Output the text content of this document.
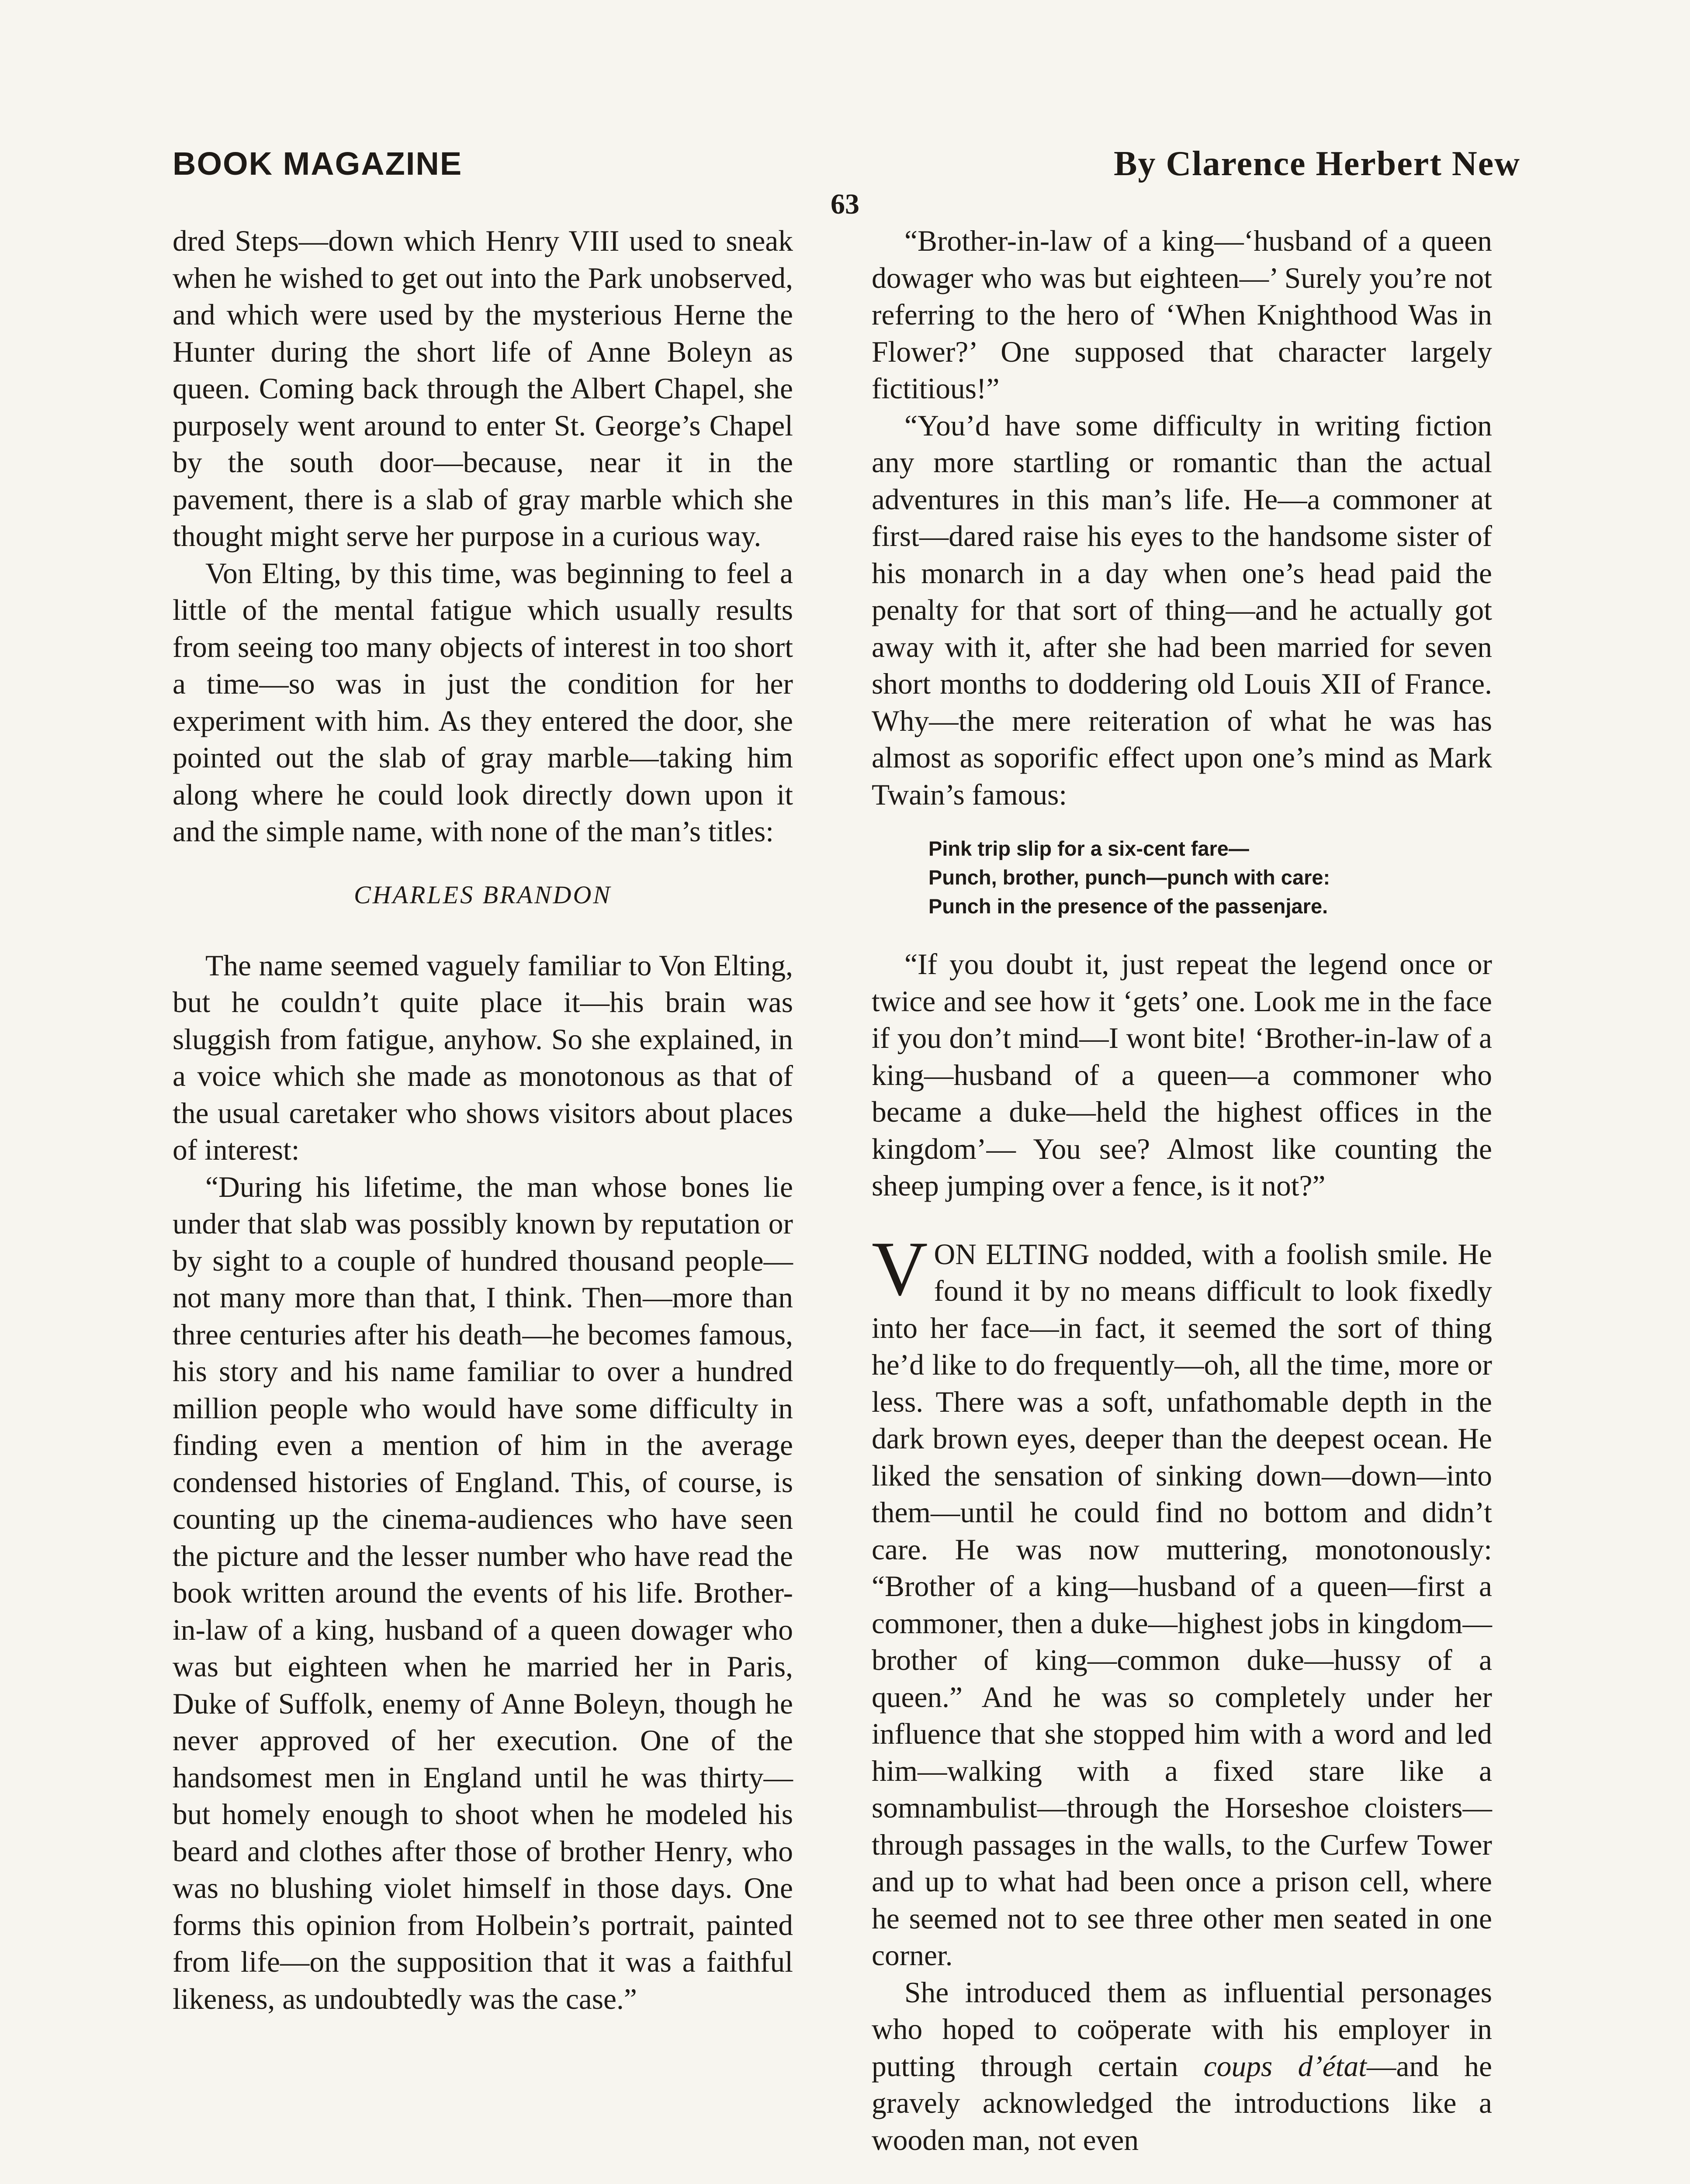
BOOK MAGAZINE	By Clarence Herbert New
63

dred Steps—down which Henry VIII used to sneak when he wished to get out into the Park unobserved, and which were used by the mysterious Herne the Hunter during the short life of Anne Boleyn as queen. Coming back through the Albert Chapel, she purposely went around to enter St. George’s Chapel by the south door—because, near it in the pavement, there is a slab of gray marble which she thought might serve her purpose in a curious way.

Von Elting, by this time, was beginning to feel a little of the mental fatigue which usually results from seeing too many objects of interest in too short a time—so was in just the condition for her experiment with him. As they entered the door, she pointed out the slab of gray marble—taking him along where he could look directly down upon it and the simple name, with none of the man’s titles:

CHARLES BRANDON

The name seemed vaguely familiar to Von Elting, but he couldn’t quite place it—his brain was sluggish from fatigue, anyhow. So she explained, in a voice which she made as monotonous as that of the usual caretaker who shows visitors about places of interest:

“During his lifetime, the man whose bones lie under that slab was possibly known by reputation or by sight to a couple of hundred thousand people—not many more than that, I think. Then—more than three centuries after his death—he becomes famous, his story and his name familiar to over a hundred million people who would have some difficulty in finding even a mention of him in the average condensed histories of England. This, of course, is counting up the cinema-audiences who have seen the picture and the lesser number who have read the book written around the events of his life. Brother-in-law of a king, husband of a queen dowager who was but eighteen when he married her in Paris, Duke of Suffolk, enemy of Anne Boleyn, though he never approved of her execution. One of the handsomest men in England until he was thirty—but homely enough to shoot when he modeled his beard and clothes after those of brother Henry, who was no blushing violet himself in those days. One forms this opinion from Holbein’s portrait, painted from life—on the supposition that it was a faithful likeness, as undoubtedly was the case.”

“Brother-in-law of a king—‘husband of a queen dowager who was but eighteen—’ Surely you’re not referring to the hero of ‘When Knighthood Was in Flower?’ One supposed that character largely fictitious!”

“You’d have some difficulty in writing fiction any more startling or romantic than the actual adventures in this man’s life. He—a commoner at first—dared raise his eyes to the handsome sister of his monarch in a day when one’s head paid the penalty for that sort of thing—and he actually got away with it, after she had been married for seven short months to doddering old Louis XII of France. Why—the mere reiteration of what he was has almost as soporific effect upon one’s mind as Mark Twain’s famous:

Pink trip slip for a six-cent fare—
Punch, brother, punch—punch with care:
Punch in the presence of the passenjare.

“If you doubt it, just repeat the legend once or twice and see how it ‘gets’ one. Look me in the face if you don’t mind—I wont bite! ‘Brother-in-law of a king—husband of a queen—a commoner who became a duke—held the highest offices in the kingdom’— You see? Almost like counting the sheep jumping over a fence, is it not?”

VON ELTING nodded, with a foolish smile. He found it by no means difficult to look fixedly into her face—in fact, it seemed the sort of thing he’d like to do frequently—oh, all the time, more or less. There was a soft, unfathomable depth in the dark brown eyes, deeper than the deepest ocean. He liked the sensation of sinking down—down—into them—until he could find no bottom and didn’t care. He was now muttering, monotonously: “Brother of a king—husband of a queen—first a commoner, then a duke—highest jobs in kingdom—brother of king—common duke—hussy of a queen.” And he was so completely under her influence that she stopped him with a word and led him—walking with a fixed stare like a somnambulist—through the Horseshoe cloisters—through passages in the walls, to the Curfew Tower and up to what had been once a prison cell, where he seemed not to see three other men seated in one corner.

She introduced them as influential personages who hoped to coöperate with his employer in putting through certain coups d’état—and he gravely acknowledged the introductions like a wooden man, not even
